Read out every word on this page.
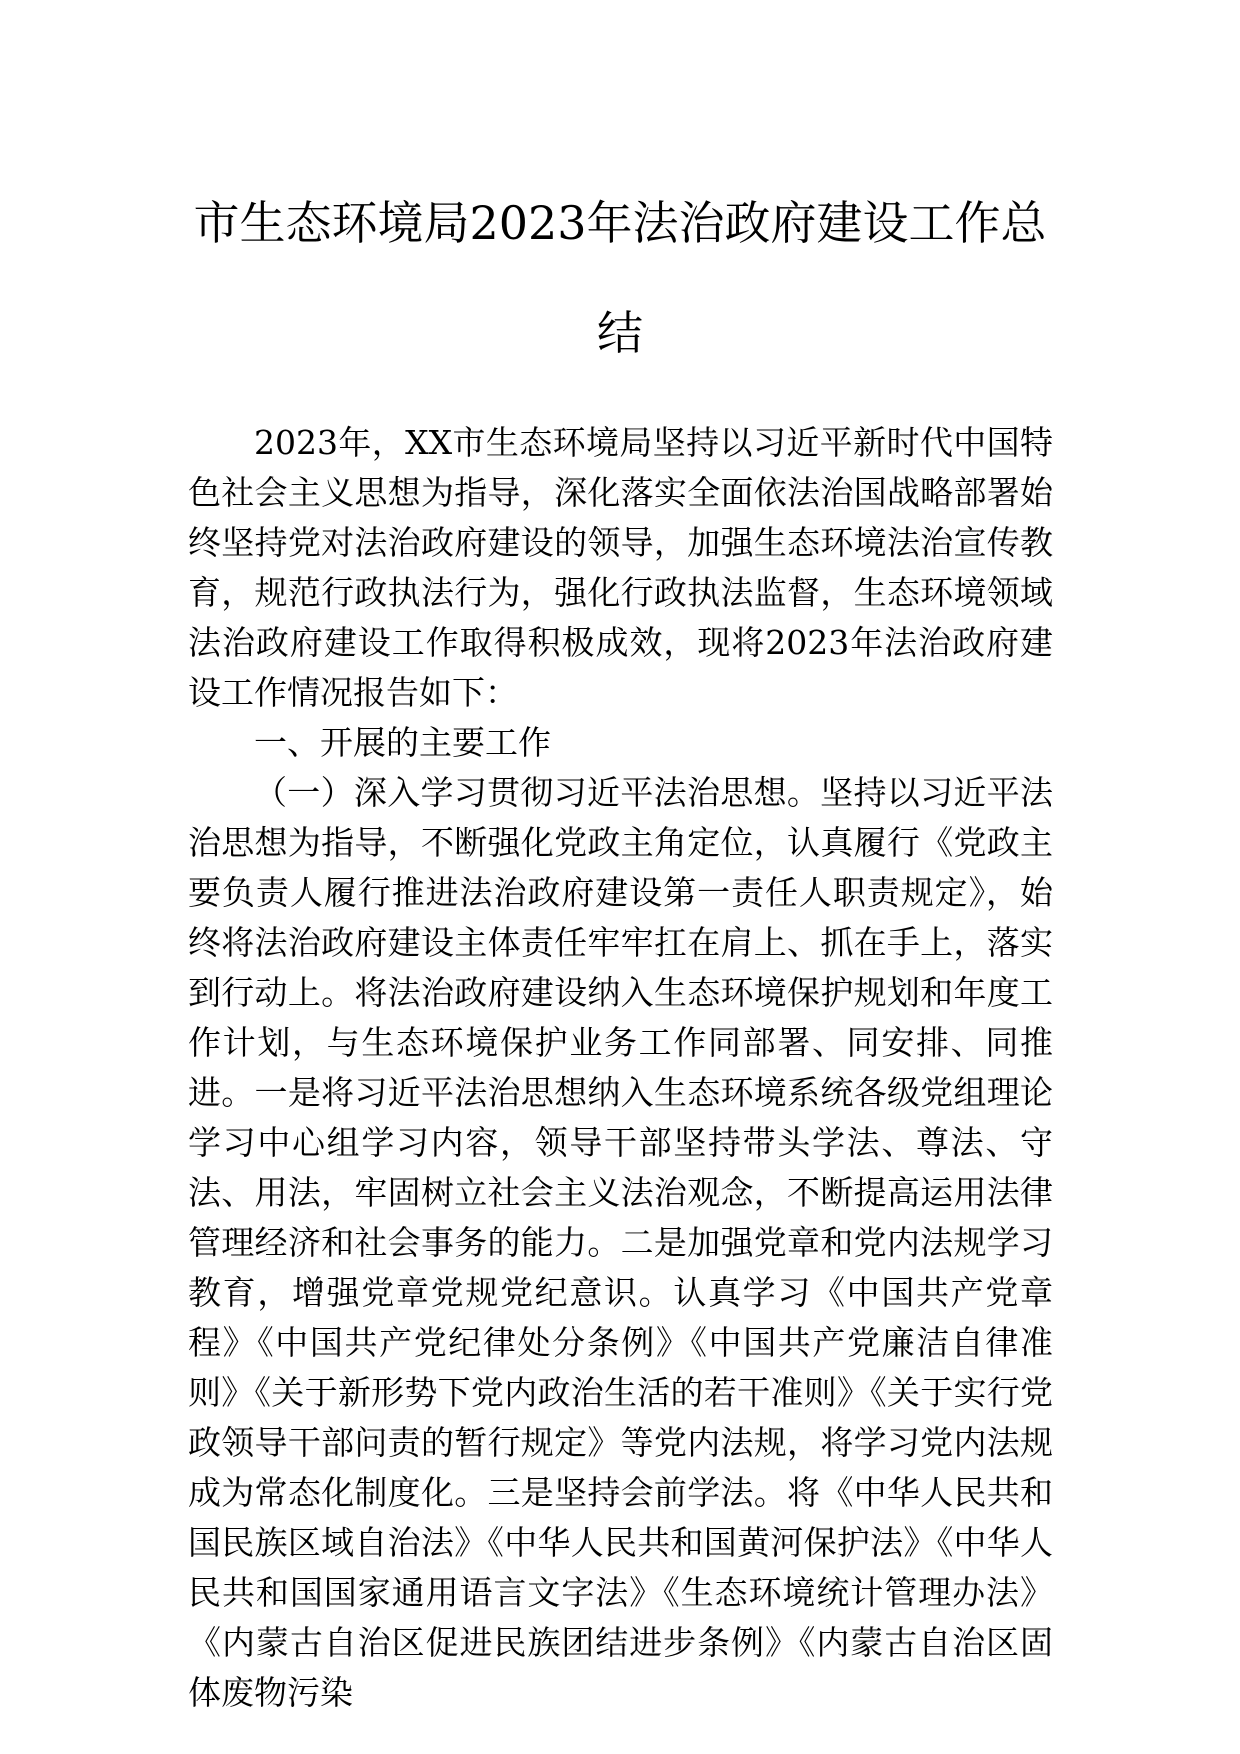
市生态环境局2023年法治政府建设工作总
结

2023年，XX市生态环境局坚持以习近平新时代中国特色社会主义思想为指导，深化落实全面依法治国战略部署始终坚持党对法治政府建设的领导，加强生态环境法治宣传教育，规范行政执法行为，强化行政执法监督，生态环境领域法治政府建设工作取得积极成效，现将2023年法治政府建设工作情况报告如下：

一、开展的主要工作

（一）深入学习贯彻习近平法治思想。坚持以习近平法治思想为指导，不断强化党政主角定位，认真履行《党政主要负责人履行推进法治政府建设第一责任人职责规定》，始终将法治政府建设主体责任牢牢扛在肩上、抓在手上，落实到行动上。将法治政府建设纳入生态环境保护规划和年度工作计划，与生态环境保护业务工作同部署、同安排、同推进。一是将习近平法治思想纳入生态环境系统各级党组理论学习中心组学习内容，领导干部坚持带头学法、尊法、守法、用法，牢固树立社会主义法治观念，不断提高运用法律管理经济和社会事务的能力。二是加强党章和党内法规学习教育，增强党章党规党纪意识。认真学习《中国共产党章程》《中国共产党纪律处分条例》《中国共产党廉洁自律准则》《关于新形势下党内政治生活的若干准则》《关于实行党政领导干部问责的暂行规定》等党内法规，将学习党内法规成为常态化制度化。三是坚持会前学法。将《中华人民共和国民族区域自治法》《中华人民共和国黄河保护法》《中华人民共和国国家通用语言文字法》《生态环境统计管理办法》《内蒙古自治区促进民族团结进步条例》《内蒙古自治区固体废物污染
